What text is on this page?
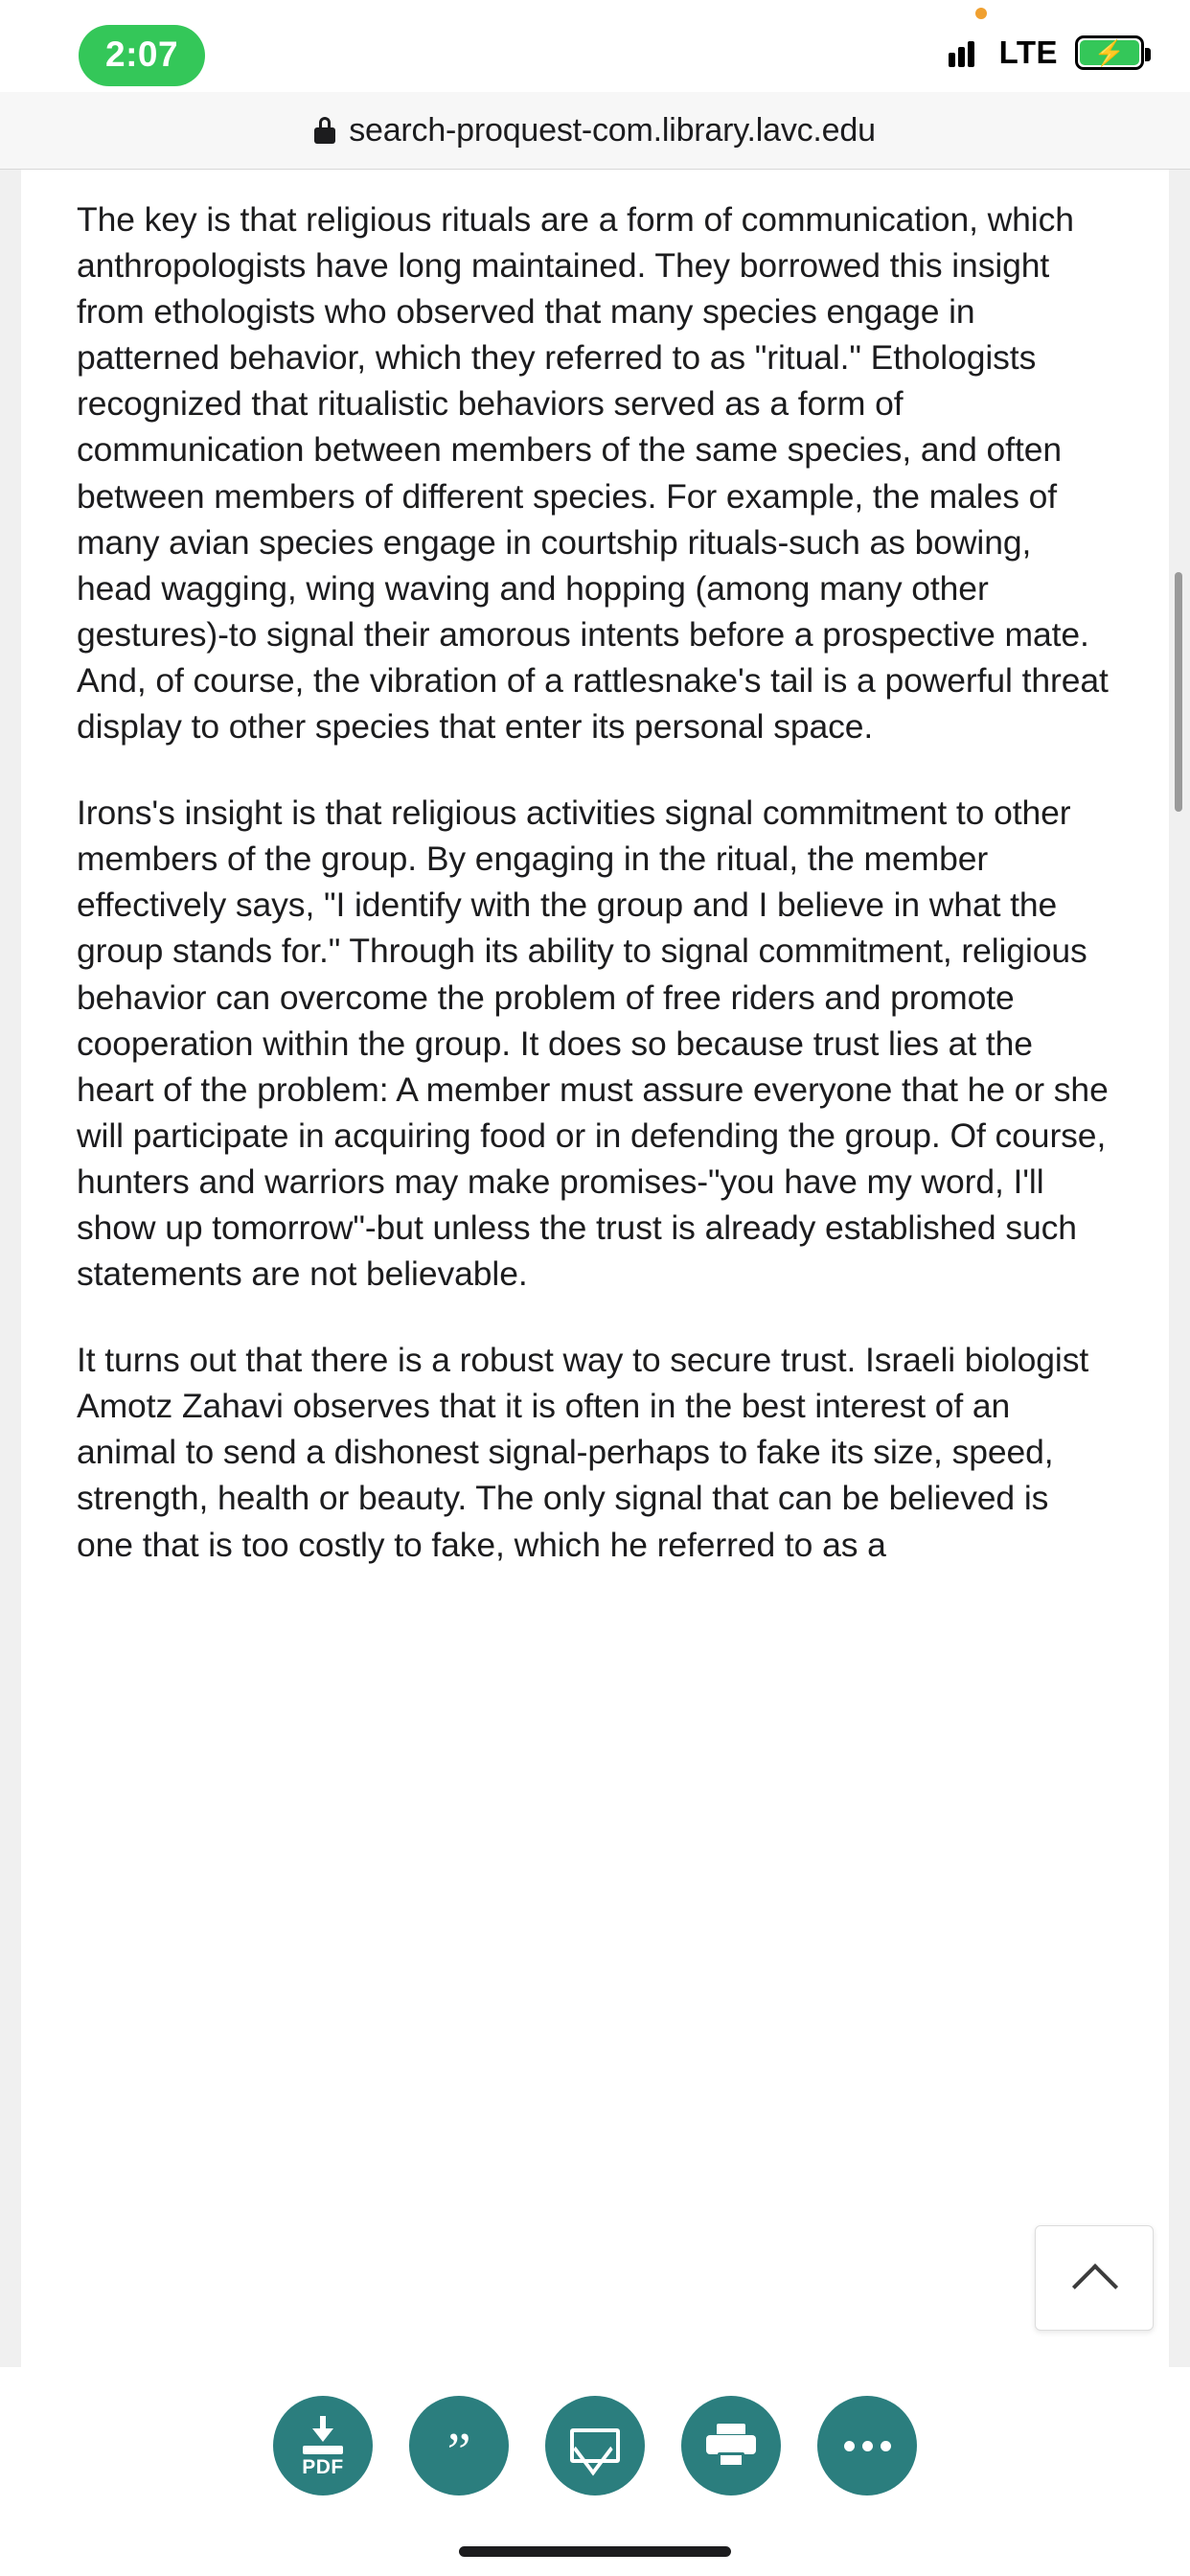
2:07	LTE ⚡
search-proquest-com.library.lavc.edu

The key is that religious rituals are a form of communication, which anthropologists have long maintained. They borrowed this insight from ethologists who observed that many species engage in patterned behavior, which they referred to as "ritual." Ethologists recognized that ritualistic behaviors served as a form of communication between members of the same species, and often between members of different species. For example, the males of many avian species engage in courtship rituals-such as bowing, head wagging, wing waving and hopping (among many other gestures)-to signal their amorous intents before a prospective mate. And, of course, the vibration of a rattlesnake's tail is a powerful threat display to other species that enter its personal space.

Irons's insight is that religious activities signal commitment to other members of the group. By engaging in the ritual, the member effectively says, "I identify with the group and I believe in what the group stands for." Through its ability to signal commitment, religious behavior can overcome the problem of free riders and promote cooperation within the group. It does so because trust lies at the heart of the problem: A member must assure everyone that he or she will participate in acquiring food or in defending the group. Of course, hunters and warriors may make promises-"you have my word, I'll show up tomorrow"-but unless the trust is already established such statements are not believable.

It turns out that there is a robust way to secure trust. Israeli biologist Amotz Zahavi observes that it is often in the best interest of an animal to send a dishonest signal-perhaps to fake its size, speed, strength, health or beauty. The only signal that can be believed is one that is too costly to fake, which he referred to as a

PDF ”
